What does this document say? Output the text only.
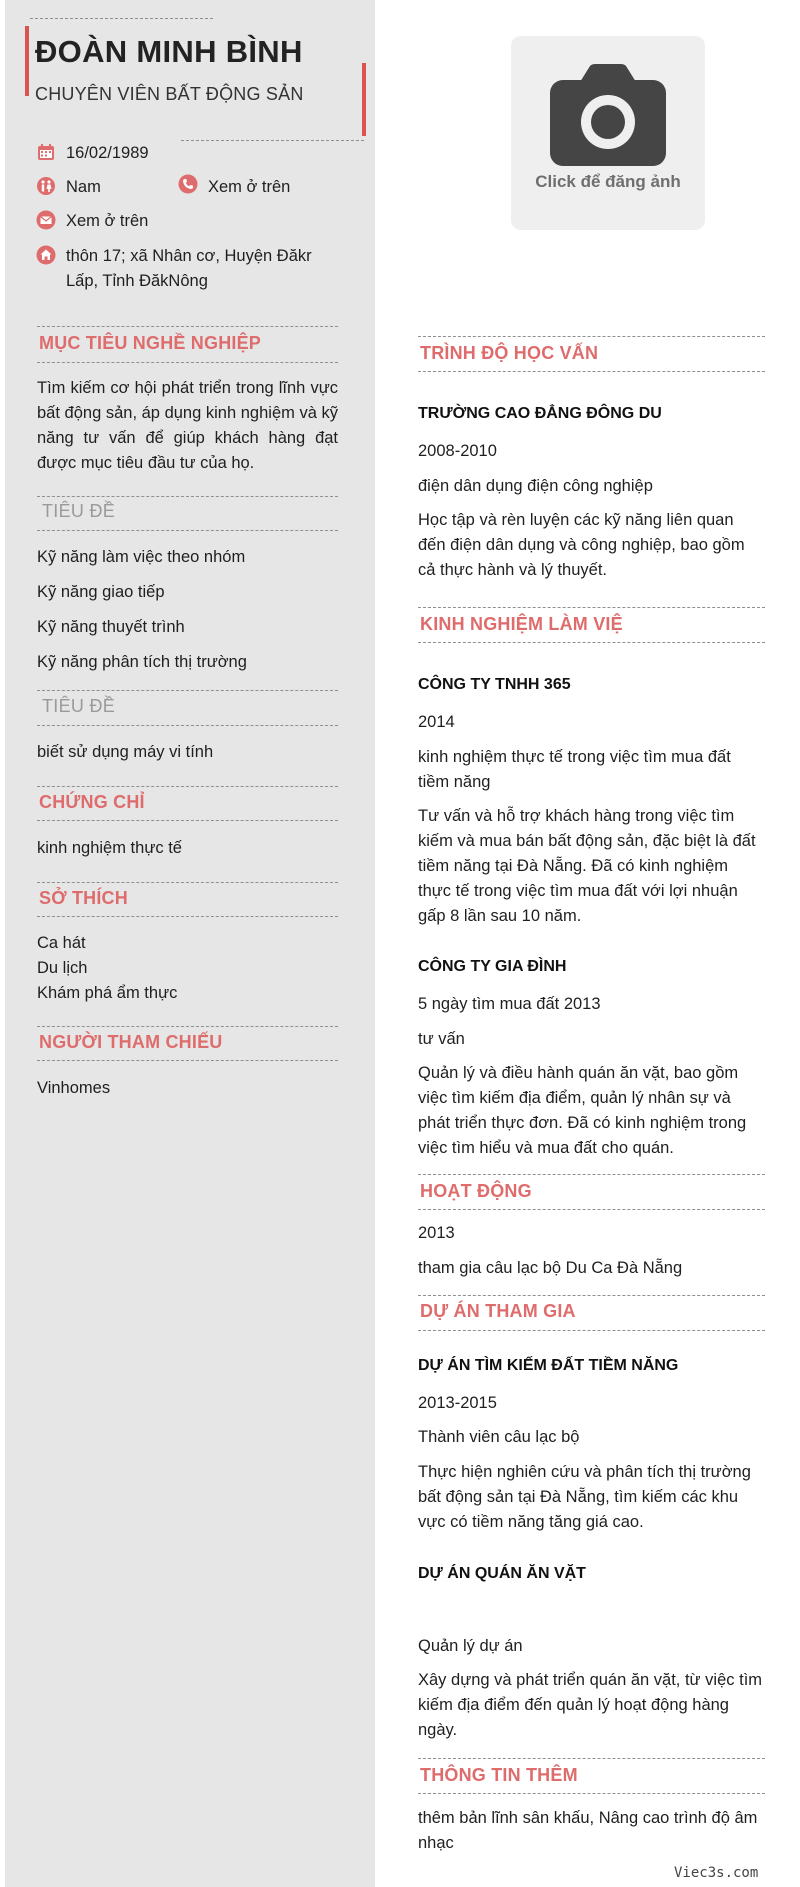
ĐOÀN MINH BÌNH
CHUYÊN VIÊN BẤT ĐỘNG SẢN
16/02/1989
Nam	Xem ở trên
Xem ở trên
thôn 17; xã Nhân cơ, Huyện Đăkr Lấp, Tỉnh ĐăkNông
MỤC TIÊU NGHỀ NGHIỆP
Tìm kiếm cơ hội phát triển trong lĩnh vực bất động sản, áp dụng kinh nghiệm và kỹ năng tư vấn để giúp khách hàng đạt được mục tiêu đầu tư của họ.
TIÊU ĐỀ
Kỹ năng làm việc theo nhóm
Kỹ năng giao tiếp
Kỹ năng thuyết trình
Kỹ năng phân tích thị trường
TIÊU ĐỀ
biết sử dụng máy vi tính
CHỨNG CHỈ
kinh nghiệm thực tế
SỞ THÍCH
Ca hát
Du lịch
Khám phá ẩm thực
NGƯỜI THAM CHIẾU
Vinhomes
Click để đăng ảnh
TRÌNH ĐỘ HỌC VẤN
TRƯỜNG CAO ĐẲNG ĐÔNG DU
2008-2010
điện dân dụng điện công nghiệp
Học tập và rèn luyện các kỹ năng liên quan đến điện dân dụng và công nghiệp, bao gồm cả thực hành và lý thuyết.
KINH NGHIỆM LÀM VIỆ
CÔNG TY TNHH 365
2014
kinh nghiệm thực tế trong việc tìm mua đất tiềm năng
Tư vấn và hỗ trợ khách hàng trong việc tìm kiếm và mua bán bất động sản, đặc biệt là đất tiềm năng tại Đà Nẵng. Đã có kinh nghiệm thực tế trong việc tìm mua đất với lợi nhuận gấp 8 lần sau 10 năm.
CÔNG TY GIA ĐÌNH
5 ngày tìm mua đất 2013
tư vấn
Quản lý và điều hành quán ăn vặt, bao gồm việc tìm kiếm địa điểm, quản lý nhân sự và phát triển thực đơn. Đã có kinh nghiệm trong việc tìm hiểu và mua đất cho quán.
HOẠT ĐỘNG
2013
tham gia câu lạc bộ Du Ca Đà Nẵng
DỰ ÁN THAM GIA
DỰ ÁN TÌM KIẾM ĐẤT TIỀM NĂNG
2013-2015
Thành viên câu lạc bộ
Thực hiện nghiên cứu và phân tích thị trường bất động sản tại Đà Nẵng, tìm kiếm các khu vực có tiềm năng tăng giá cao.
DỰ ÁN QUÁN ĂN VẶT
Quản lý dự án
Xây dựng và phát triển quán ăn vặt, từ việc tìm kiếm địa điểm đến quản lý hoạt động hàng ngày.
THÔNG TIN THÊM
thêm bản lĩnh sân khấu, Nâng cao trình độ âm nhạc
Viec3s.com
